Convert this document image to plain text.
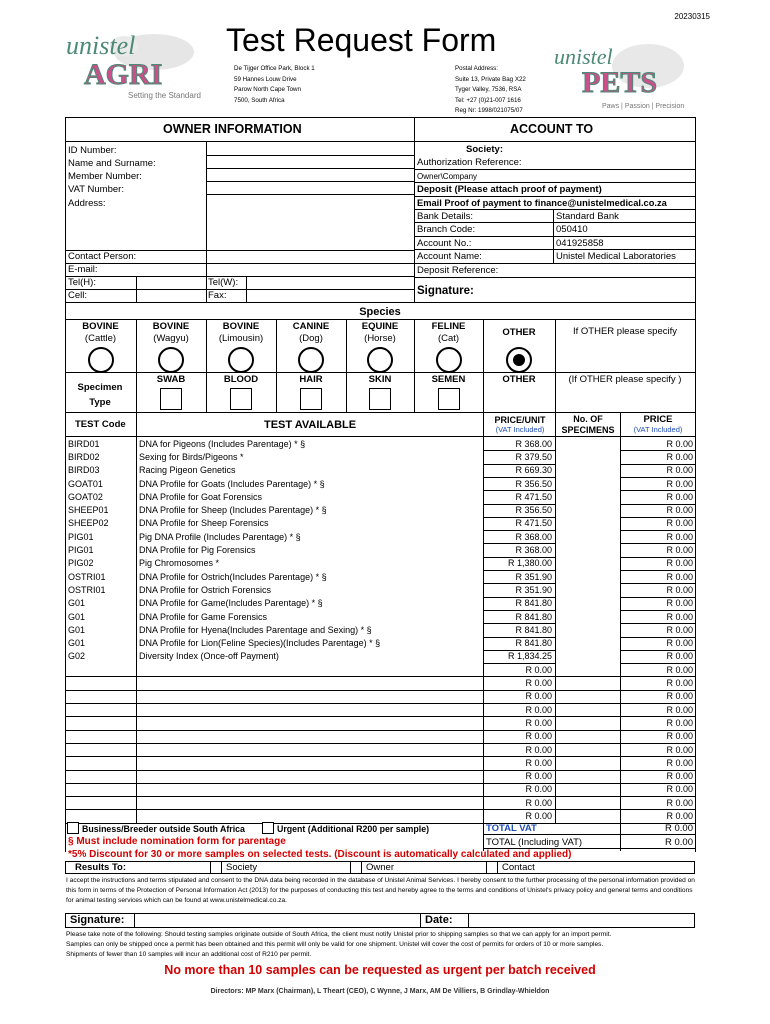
20230315
unistel
AGRI
Setting the Standard
Test Request Form
De Tijger Office Park, Block 1
59 Hannes Louw Drive
Parow North Cape Town
7500, South Africa
Postal Address:
Suite 13, Private Bag X22
Tyger Valley, 7536, RSA
Tel: +27 (0)21-007 1616
Reg Nr: 1998/021075/07
unistel
PETS
Paws | Passion | Precision
OWNER INFORMATION	ACCOUNT TO
ID Number:
Name and Surname:
Member Number:
VAT Number:
Address:
Contact Person:
E-mail:
Tel(H):
Cell:
Tel(W):
Fax:
Society:
Authorization Reference:
Owner\Company
Deposit (Please attach proof of payment)
Email Proof of payment to finance@unistelmedical.co.za
Bank Details:	Standard Bank
Branch Code:	050410
Account No.:	041925858
Account Name:	Unistel Medical Laboratories
Deposit Reference:
Signature:
Species
BOVINE
(Cattle)
BOVINE
(Wagyu)
BOVINE
(Limousin)
CANINE
(Dog)
EQUINE
(Horse)
FELINE
(Cat)
OTHER	If OTHER please specify
Specimen
Type
SWAB	BLOOD	HAIR	SKIN	SEMEN	OTHER	(If OTHER please specify )
TEST Code	TEST AVAILABLE	PRICE/UNIT
(VAT Included)
No. OF SPECIMENS
PRICE
(VAT Included)
BIRD01	DNA for Pigeons (Includes Parentage) * §	R 368.00	R 0.00
BIRD02	Sexing for Birds/Pigeons *	R 379.50	R 0.00
BIRD03	Racing Pigeon Genetics	R 669.30	R 0.00
GOAT01	DNA Profile for Goats (Includes Parentage) * §	R 356.50	R 0.00
GOAT02	DNA Profile for Goat Forensics	R 471.50	R 0.00
SHEEP01	DNA Profile for Sheep (Includes Parentage) * §	R 356.50	R 0.00
SHEEP02	DNA Profile for Sheep Forensics	R 471.50	R 0.00
PIG01	Pig DNA Profile (Includes Parentage) * §	R 368.00	R 0.00
PIG01	DNA Profile for Pig Forensics	R 368.00	R 0.00
PIG02	Pig Chromosomes *	R 1,380.00	R 0.00
OSTRI01	DNA Profile for Ostrich(Includes Parentage) * §	R 351.90	R 0.00
OSTRI01	DNA Profile for Ostrich Forensics	R 351.90	R 0.00
G01	DNA Profile for Game(Includes Parentage) * §	R 841.80	R 0.00
G01	DNA Profile for Game Forensics	R 841.80	R 0.00
G01	DNA Profile for Hyena(Includes Parentage and Sexing) * §	R 841.80	R 0.00
G01	DNA Profile for Lion(Feline Species)(Includes Parentage) * §	R 841.80	R 0.00
G02	Diversity Index (Once-off Payment)	R 1,834.25	R 0.00
R 0.00	R 0.00
R 0.00	R 0.00
R 0.00	R 0.00
R 0.00	R 0.00
R 0.00	R 0.00
R 0.00	R 0.00
R 0.00	R 0.00
R 0.00	R 0.00
R 0.00	R 0.00
R 0.00	R 0.00
R 0.00	R 0.00
R 0.00	R 0.00
TOTAL VAT	R 0.00
TOTAL (Including VAT)	R 0.00
Business/Breeder outside South Africa	Urgent (Additional R200 per sample)
§ Must include nomination form for parentage
*5% Discount for 30 or more samples on selected tests. (Discount is automatically calculated and applied)
Results To:	Society	Owner	Contact
I accept the instructions and terms stipulated and consent to the DNA data being recorded in the database of Unistel Animal Services. I hereby consent to the further processing of the personal information provided on this form in terms of the Protection of Personal Information Act (2013) for the purposes of conducting this test and hereby agree to the terms and conditions of Unistel's privacy policy and general terms and conditions for animal testing services which can be found at www.unistelmedical.co.za.
Signature:	Date:
Please take note of the following: Should testing samples originate outside of South Africa, the client must notify Unistel prior to shipping samples so that we can apply for an import permit.
Samples can only be shipped once a permit has been obtained and this permit will only be valid for one shipment. Unistel will cover the cost of permits for orders of 10 or more samples.
Shipments of fewer than 10 samples will incur an additional cost of R210 per permit.
No more than 10 samples can be requested as urgent per batch received
Directors: MP Marx (Chairman), L Theart (CEO), C Wynne, J Marx, AM De Villiers, B Grindlay-Whieldon
